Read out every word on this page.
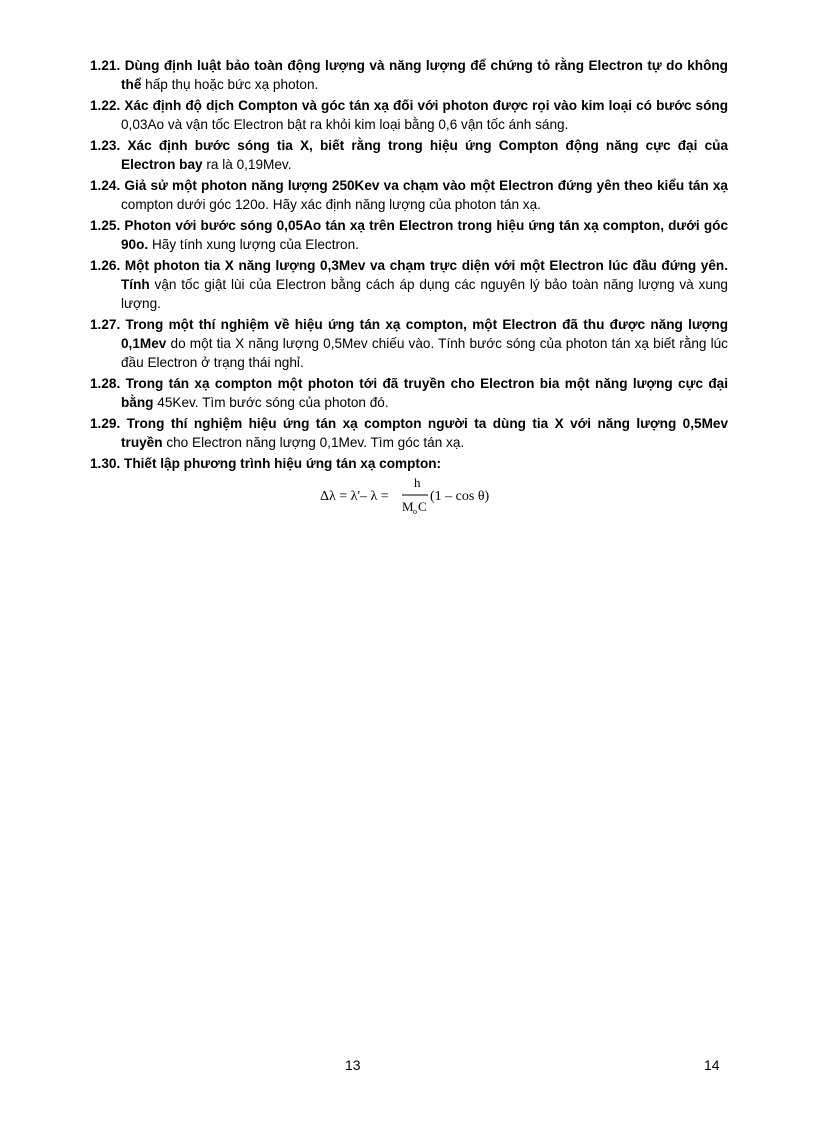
1.21. Dùng định luật bảo toàn động lượng và năng lượng để chứng tỏ rằng Electron tự do không thể hấp thụ hoặc bức xạ photon.
1.22. Xác định độ dịch Compton và góc tán xạ đối với photon được rọi vào kim loại có bước sóng 0,03Ao và vận tốc Electron bật ra khỏi kim loại bằng 0,6 vận tốc ánh sáng.
1.23. Xác định bước sóng tia X, biết rằng trong hiệu ứng Compton động năng cực đại của Electron bay ra là 0,19Mev.
1.24. Giả sử một photon năng lượng 250Kev va chạm vào một Electron đứng yên theo kiểu tán xạ compton dưới góc 120o. Hãy xác định năng lượng của photon tán xạ.
1.25. Photon với bước sóng 0,05Ao tán xạ trên Electron trong hiệu ứng tán xạ compton, dưới góc 90o. Hãy tính xung lượng của Electron.
1.26. Một photon tia X năng lượng 0,3Mev va chạm trực diện với một Electron lúc đầu đứng yên. Tính vận tốc giật lùi của Electron bằng cách áp dụng các nguyên lý bảo toàn năng lượng và xung lượng.
1.27. Trong một thí nghiệm về hiệu ứng tán xạ compton, một Electron đã thu được năng lượng 0,1Mev do một tia X năng lượng 0,5Mev chiếu vào. Tính bước sóng của photon tán xạ biết rằng lúc đầu Electron ở trạng thái nghỉ.
1.28. Trong tán xạ compton một photon tới đã truyền cho Electron bia một năng lượng cực đại bằng 45Kev. Tìm bước sóng của photon đó.
1.29. Trong thí nghiệm hiệu ứng tán xạ compton người ta dùng tia X với năng lượng 0,5Mev truyền cho Electron năng lượng 0,1Mev. Tìm góc tán xạ.
1.30. Thiết lập phương trình hiệu ứng tán xạ compton:
Δλ = λ'– λ =
h
M o C
(1 – cos θ)
13	14
